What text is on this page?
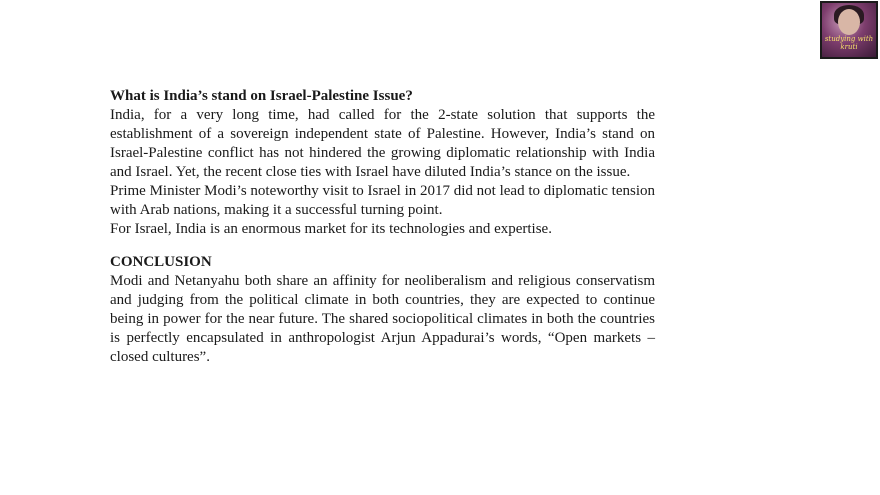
studying with kruti
What is India’s stand on Israel-Palestine Issue?

India, for a very long time, had called for the 2-state solution that supports the establishment of a sovereign independent state of Palestine. However, India’s stand on Israel-Palestine conflict has not hindered the growing diplomatic relationship with India and Israel. Yet, the recent close ties with Israel have diluted India’s stance on the issue.

Prime Minister Modi’s noteworthy visit to Israel in 2017 did not lead to diplomatic tension with Arab nations, making it a successful turning point.

For Israel, India is an enormous market for its technologies and expertise.

CONCLUSION

Modi and Netanyahu both share an affinity for neoliberalism and religious conservatism and judging from the political climate in both countries, they are expected to continue being in power for the near future. The shared sociopolitical climates in both the countries is perfectly encapsulated in anthropologist Arjun Appadurai’s words, “Open markets – closed cultures”.
